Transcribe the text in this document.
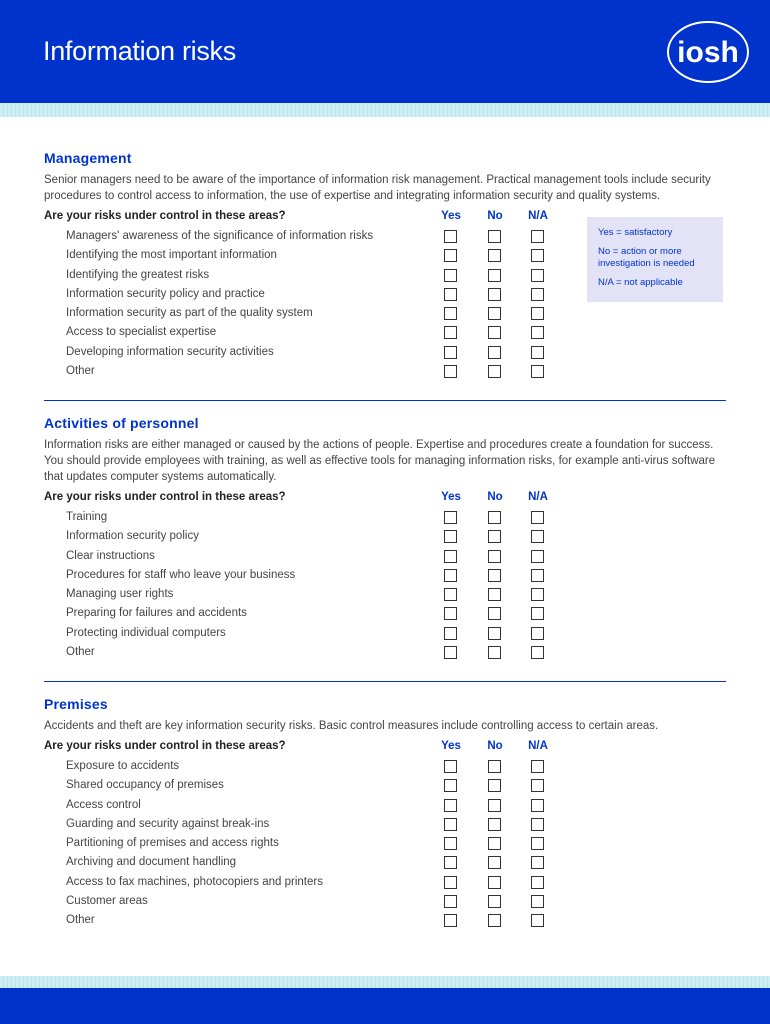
Information risks	iosh

Yes = satisfactory

No = action or more investigation is needed

N/A = not applicable

Management

Senior managers need to be aware of the importance of information risk management. Practical management tools include security procedures to control access to information, the use of expertise and integrating information security and quality systems.

Are your risks under control in these areas?	Yes	No	N/A
Managers' awareness of the significance of information risks
Identifying the most important information
Identifying the greatest risks
Information security policy and practice
Information security as part of the quality system
Access to specialist expertise
Developing information security activities
Other
Activities of personnel

Information risks are either managed or caused by the actions of people. Expertise and procedures create a foundation for success. You should provide employees with training, as well as effective tools for managing information risks, for example anti-virus software that updates computer systems automatically.

Are your risks under control in these areas?	Yes	No	N/A
Training
Information security policy
Clear instructions
Procedures for staff who leave your business
Managing user rights
Preparing for failures and accidents
Protecting individual computers
Other
Premises

Accidents and theft are key information security risks. Basic control measures include controlling access to certain areas.

Are your risks under control in these areas?	Yes	No	N/A
Exposure to accidents
Shared occupancy of premises
Access control
Guarding and security against break-ins
Partitioning of premises and access rights
Archiving and document handling
Access to fax machines, photocopiers and printers
Customer areas
Other
